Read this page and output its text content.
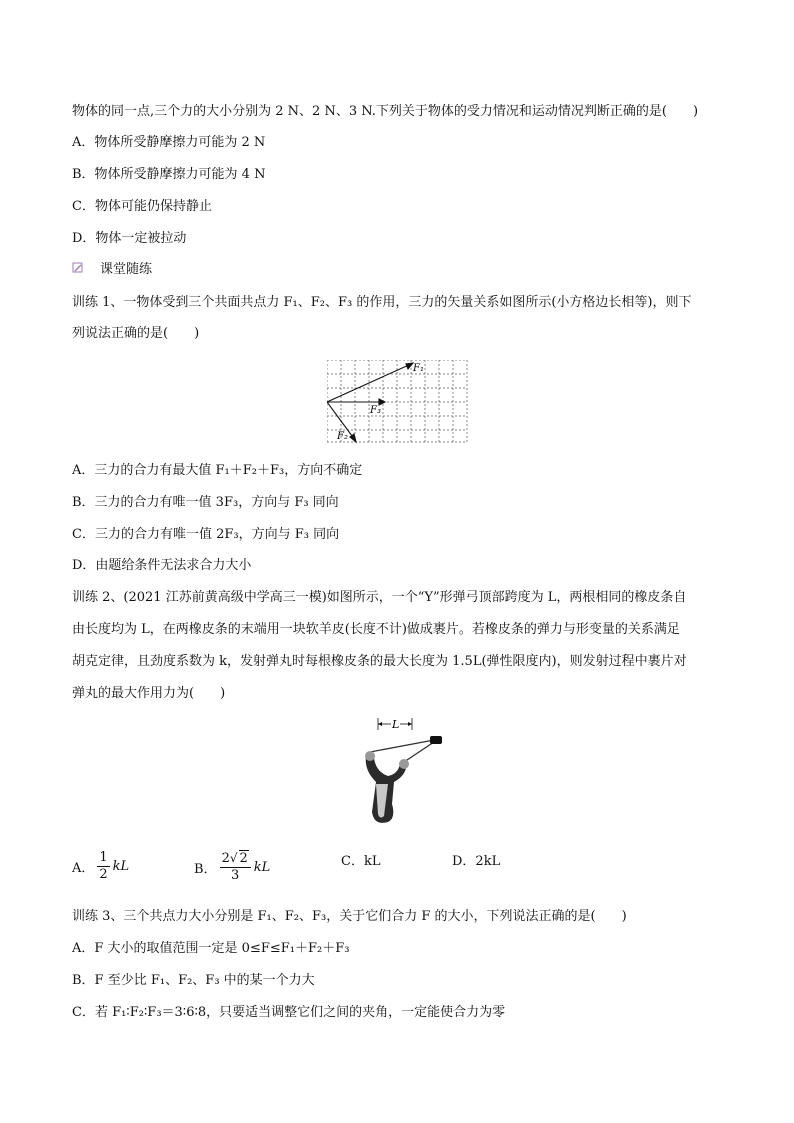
物体的同一点,三个力的大小分别为 2 N、2 N、3 N.下列关于物体的受力情况和运动情况判断正确的是(　　)
A．物体所受静摩擦力可能为 2 N
B．物体所受静摩擦力可能为 4 N
C．物体可能仍保持静止
D．物体一定被拉动
课堂随练
训练 1、一物体受到三个共面共点力 F₁、F₂、F₃ 的作用，三力的矢量关系如图所示(小方格边长相等)，则下
列说法正确的是(　　)
F₁
F₃
F₂
A．三力的合力有最大值 F₁＋F₂＋F₃，方向不确定
B．三力的合力有唯一值 3F₃，方向与 F₃ 同向
C．三力的合力有唯一值 2F₃，方向与 F₃ 同向
D．由题给条件无法求合力大小
训练 2、(2021 江苏前黄高级中学高三一模)如图所示，一个“Y”形弹弓顶部跨度为 L，两根相同的橡皮条自
由长度均为 L，在两橡皮条的末端用一块软羊皮(长度不计)做成裹片。若橡皮条的弹力与形变量的关系满足
胡克定律，且劲度系数为 k，发射弹丸时每根橡皮条的最大长度为 1.5L(弹性限度内)，则发射过程中裹片对
弹丸的最大作用力为(　　)
L
A． $\frac{1}{2}$ kL	B． $\frac{2√ 2}{3}$ kL	C．kL	D．2kL
训练 3、三个共点力大小分别是 F₁、F₂、F₃，关于它们合力 F 的大小，下列说法正确的是(　　)
A．F 大小的取值范围一定是 0≤F≤F₁＋F₂＋F₃
B．F 至少比 F₁、F₂、F₃ 中的某一个力大
C．若 F₁∶F₂∶F₃＝3∶6∶8，只要适当调整它们之间的夹角，一定能使合力为零
